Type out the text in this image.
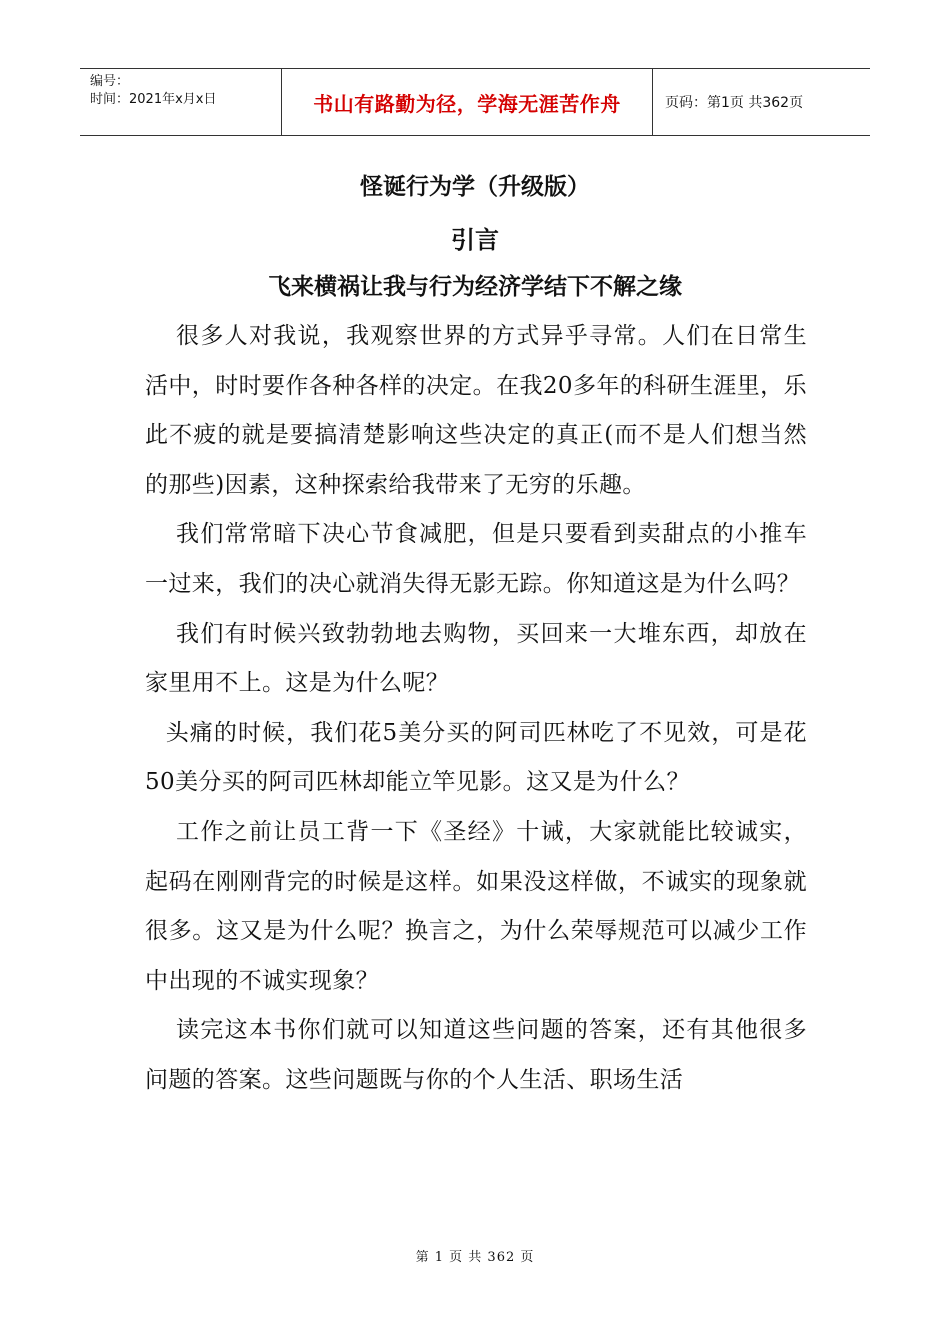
编号：
时间：2021年x月x日	书山有路勤为径，学海无涯苦作舟	页码：第1页 共362页
怪诞行为学（升级版）
引言
飞来横祸让我与行为经济学结下不解之缘

很多人对我说，我观察世界的方式异乎寻常。人们在日常生活中，时时要作各种各样的决定。在我20多年的科研生涯里，乐此不疲的就是要搞清楚影响这些决定的真正(而不是人们想当然的那些)因素，这种探索给我带来了无穷的乐趣。

我们常常暗下决心节食减肥，但是只要看到卖甜点的小推车一过来，我们的决心就消失得无影无踪。你知道这是为什么吗？

我们有时候兴致勃勃地去购物，买回来一大堆东西，却放在家里用不上。这是为什么呢？

头痛的时候，我们花5美分买的阿司匹林吃了不见效，可是花50美分买的阿司匹林却能立竿见影。这又是为什么？

工作之前让员工背一下《圣经》十诫，大家就能比较诚实，起码在刚刚背完的时候是这样。如果没这样做，不诚实的现象就很多。这又是为什么呢？换言之，为什么荣辱规范可以减少工作中出现的不诚实现象？

读完这本书你们就可以知道这些问题的答案，还有其他很多问题的答案。这些问题既与你的个人生活、职场生活

第 1 页 共 362 页
